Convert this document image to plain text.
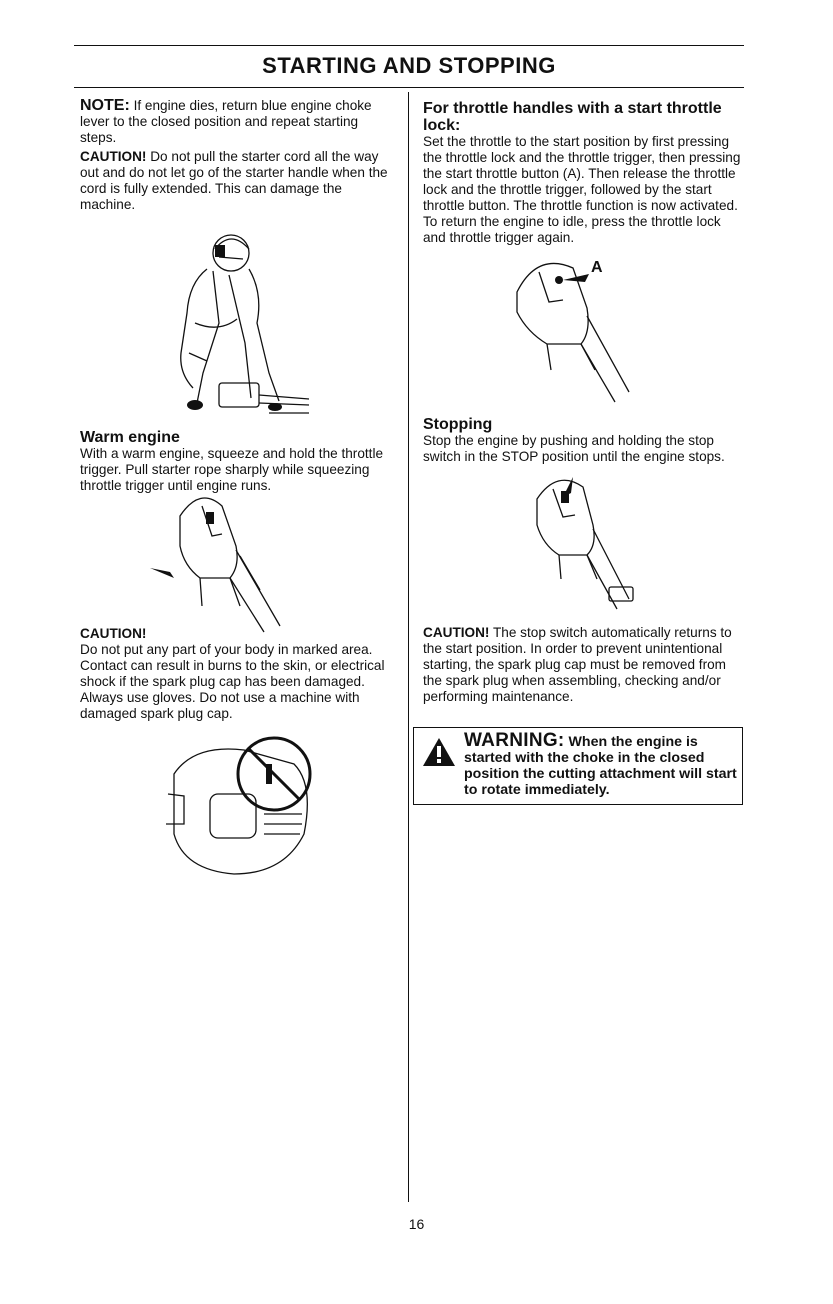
STARTING AND STOPPING

NOTE: If engine dies, return blue engine choke lever to the closed position and repeat starting steps.

CAUTION! Do not pull the starter cord all the way out and do not let go of the starter handle when the cord is fully extended. This can damage the machine.

Warm engine

With a warm engine, squeeze and hold the throttle trigger. Pull starter rope sharply while squeezing throttle trigger until engine runs.

CAUTION!

Do not put any part of your body in marked area. Contact can result in burns to the skin, or electrical shock if the spark plug cap has been damaged. Always use gloves. Do not use a machine with damaged spark plug cap.

For throttle handles with a start throttle lock:

Set the throttle to the start position by first pressing the throttle lock and the throttle trigger, then pressing the start throttle button (A). Then release the throttle lock and the throttle trigger, followed by the start throttle button. The throttle function is now activated. To return the engine to idle, press the throttle lock and throttle trigger again.

A
Stopping

Stop the engine by pushing and holding the stop switch in the STOP position until the engine stops.

CAUTION! The stop switch automatically returns to the start position. In order to prevent unintentional starting, the spark plug cap must be removed from the spark plug when assembling, checking and/or performing maintenance.

WARNING: When the engine is started with the choke in the closed position the cutting attachment will start to rotate immediately.
16
